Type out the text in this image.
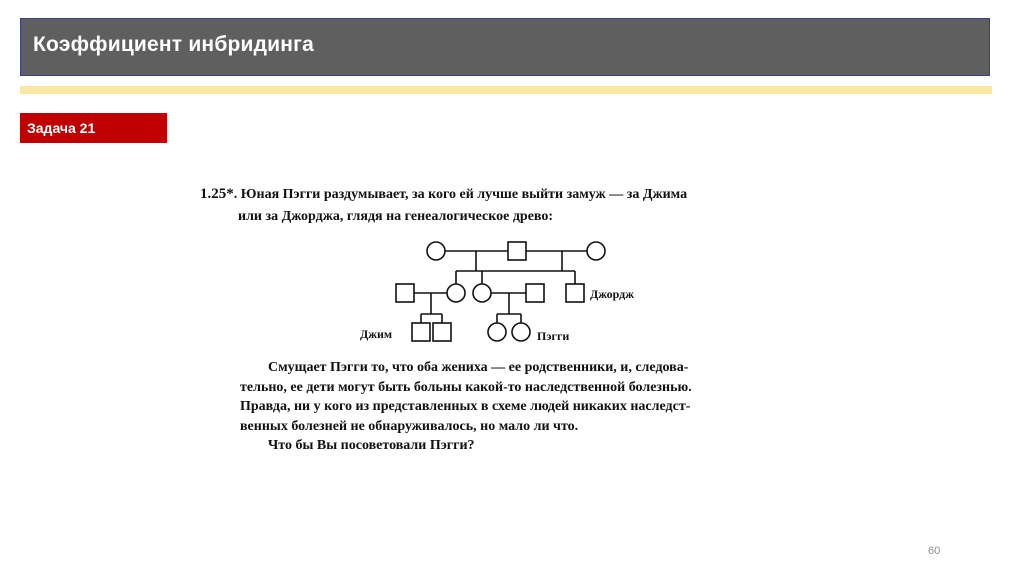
Коэффициент инбридинга
Задача 21
1.25*. Юная Пэгги раздумывает, за кого ей лучше выйти замуж — за Джима
или за Джорджа, глядя на генеалогическое древо:
Джордж
Джим	Пэгги

Смущает Пэгги то, что оба жениха — ее родственники, и, следова-

тельно, ее дети могут быть больны какой-то наследственной болезнью.

Правда, ни у кого из представленных в схеме людей никаких наследст-

венных болезней не обнаруживалось, но мало ли что.

Что бы Вы посоветовали Пэгги?

60
